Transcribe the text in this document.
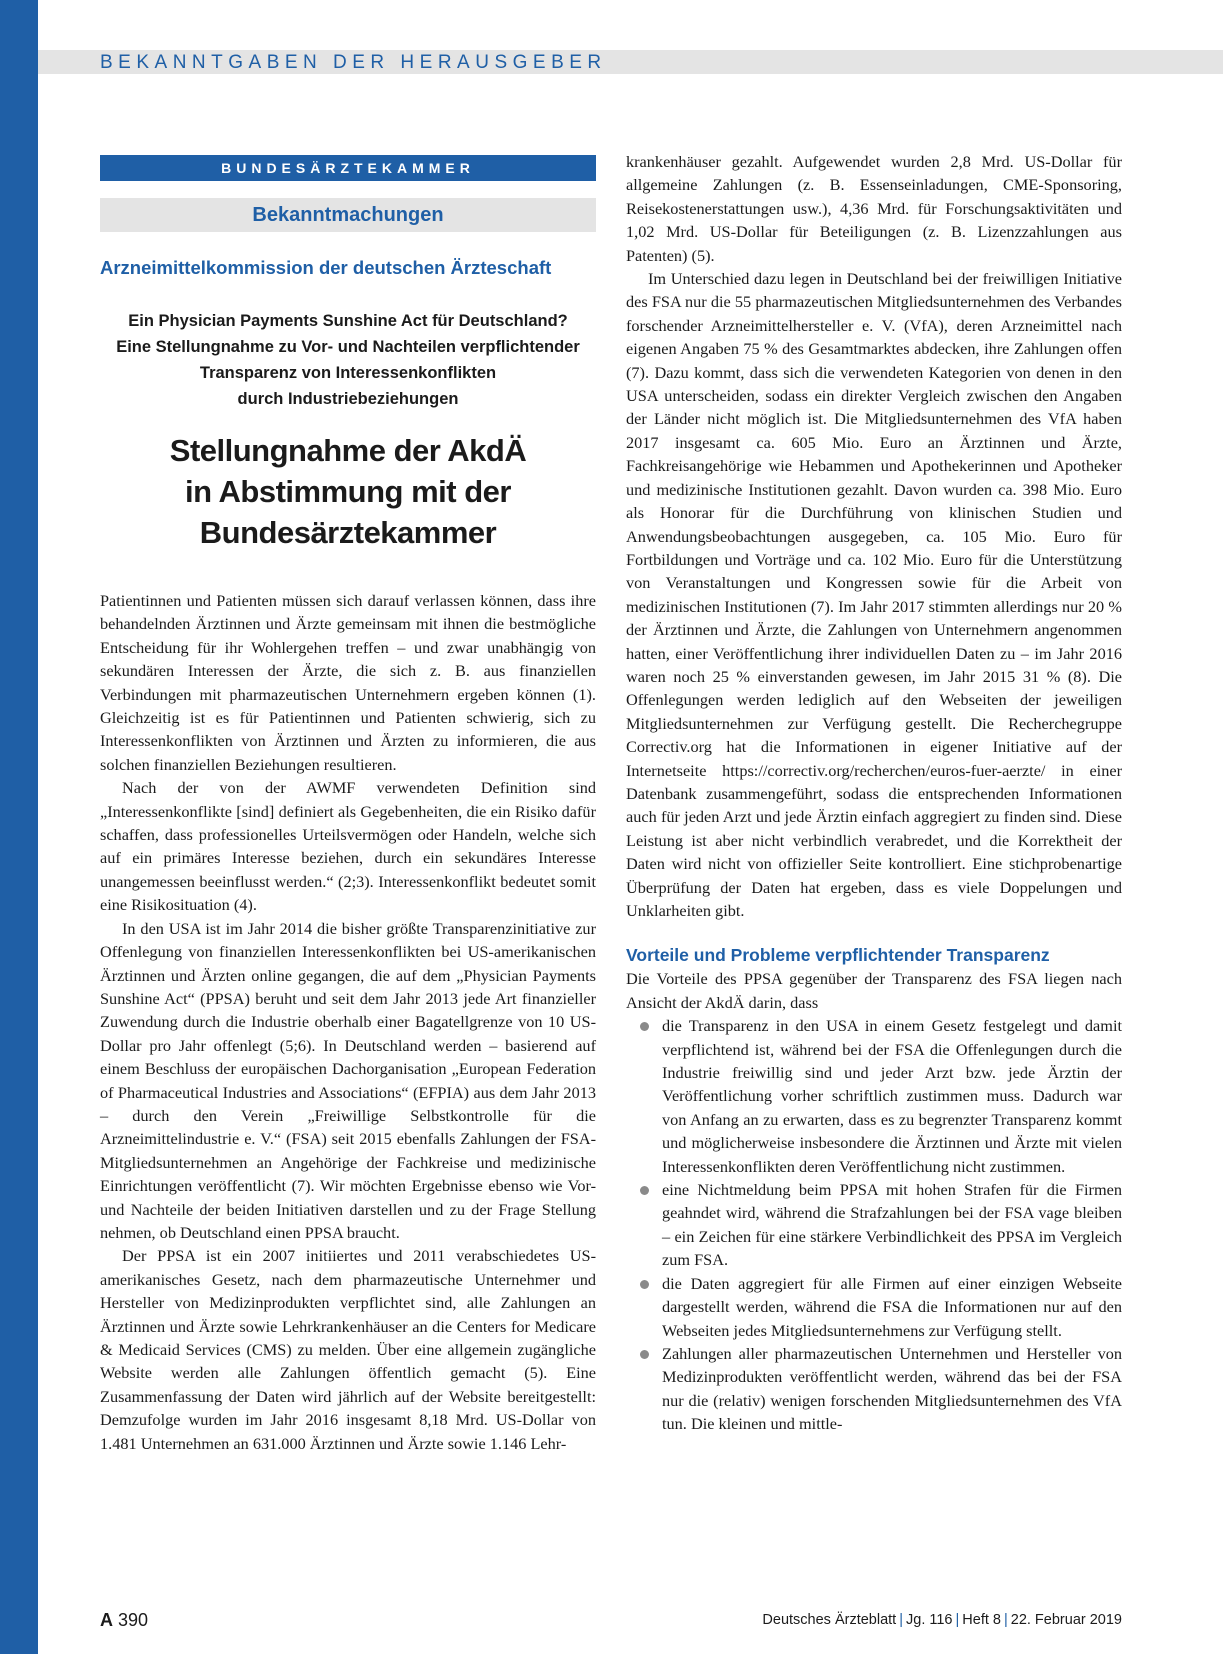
BEKANNTGABEN DER HERAUSGEBER
BUNDESÄRZTEKAMMER
Bekanntmachungen
Arzneimittelkommission der deutschen Ärzteschaft
Ein Physician Payments Sunshine Act für Deutschland?
Eine Stellungnahme zu Vor- und Nachteilen verpflichtender
Transparenz von Interessenkonflikten
durch Industriebeziehungen
Stellungnahme der AkdÄ
in Abstimmung mit der
Bundesärztekammer

Patientinnen und Patienten müssen sich darauf verlassen können, dass ihre behandelnden Ärztinnen und Ärzte gemeinsam mit ihnen die bestmögliche Entscheidung für ihr Wohlergehen treffen – und zwar unabhängig von sekundären Interessen der Ärzte, die sich z. B. aus finanziellen Verbindungen mit pharmazeutischen Unternehmern ergeben können (1). Gleichzeitig ist es für Patientinnen und Patienten schwierig, sich zu Interessenkonflikten von Ärztinnen und Ärzten zu informieren, die aus solchen finanziellen Beziehungen resultieren.

Nach der von der AWMF verwendeten Definition sind „Interessenkonflikte [sind] definiert als Gegebenheiten, die ein Risiko dafür schaffen, dass professionelles Urteilsvermögen oder Handeln, welche sich auf ein primäres Interesse beziehen, durch ein sekundäres Interesse unangemessen beeinflusst werden.“ (2;3). Interessenkonflikt bedeutet somit eine Risikosituation (4).

In den USA ist im Jahr 2014 die bisher größte Transparenzinitiative zur Offenlegung von finanziellen Interessenkonflikten bei US-amerikanischen Ärztinnen und Ärzten online gegangen, die auf dem „Physician Payments Sunshine Act“ (PPSA) beruht und seit dem Jahr 2013 jede Art finanzieller Zuwendung durch die Industrie oberhalb einer Bagatellgrenze von 10 US-Dollar pro Jahr offenlegt (5;6). In Deutschland werden – basierend auf einem Beschluss der europäischen Dachorganisation „European Federation of Pharmaceutical Industries and Associations“ (EFPIA) aus dem Jahr 2013 – durch den Verein „Freiwillige Selbstkontrolle für die Arzneimittelindustrie e. V.“ (FSA) seit 2015 ebenfalls Zahlungen der FSA-Mitgliedsunternehmen an Angehörige der Fachkreise und medizinische Einrichtungen veröffentlicht (7). Wir möchten Ergebnisse ebenso wie Vor- und Nachteile der beiden Initiativen darstellen und zu der Frage Stellung nehmen, ob Deutschland einen PPSA braucht.

Der PPSA ist ein 2007 initiiertes und 2011 verabschiedetes US-amerikanisches Gesetz, nach dem pharmazeutische Unternehmer und Hersteller von Medizinprodukten verpflichtet sind, alle Zahlungen an Ärztinnen und Ärzte sowie Lehrkrankenhäuser an die Centers for Medicare & Medicaid Services (CMS) zu melden. Über eine allgemein zugängliche Website werden alle Zahlungen öffentlich gemacht (5). Eine Zusammenfassung der Daten wird jährlich auf der Website bereitgestellt: Demzufolge wurden im Jahr 2016 insgesamt 8,18 Mrd. US-Dollar von 1.481 Unternehmen an 631.000 Ärztinnen und Ärzte sowie 1.146 Lehr-

krankenhäuser gezahlt. Aufgewendet wurden 2,8 Mrd. US-Dollar für allgemeine Zahlungen (z. B. Essenseinladungen, CME-Sponsoring, Reisekostenerstattungen usw.), 4,36 Mrd. für Forschungsaktivitäten und 1,02 Mrd. US-Dollar für Beteiligungen (z. B. Lizenzzahlungen aus Patenten) (5).

Im Unterschied dazu legen in Deutschland bei der freiwilligen Initiative des FSA nur die 55 pharmazeutischen Mitgliedsunternehmen des Verbandes forschender Arzneimittelhersteller e. V. (VfA), deren Arzneimittel nach eigenen Angaben 75 % des Gesamtmarktes abdecken, ihre Zahlungen offen (7). Dazu kommt, dass sich die verwendeten Kategorien von denen in den USA unterscheiden, sodass ein direkter Vergleich zwischen den Angaben der Länder nicht möglich ist. Die Mitgliedsunternehmen des VfA haben 2017 insgesamt ca. 605 Mio. Euro an Ärztinnen und Ärzte, Fachkreisangehörige wie Hebammen und Apothekerinnen und Apotheker und medizinische Institutionen gezahlt. Davon wurden ca. 398 Mio. Euro als Honorar für die Durchführung von klinischen Studien und Anwendungsbeobachtungen ausgegeben, ca. 105 Mio. Euro für Fortbildungen und Vorträge und ca. 102 Mio. Euro für die Unterstützung von Veranstaltungen und Kongressen sowie für die Arbeit von medizinischen Institutionen (7). Im Jahr 2017 stimmten allerdings nur 20 % der Ärztinnen und Ärzte, die Zahlungen von Unternehmern angenommen hatten, einer Veröffentlichung ihrer individuellen Daten zu – im Jahr 2016 waren noch 25 % einverstanden gewesen, im Jahr 2015 31 % (8). Die Offenlegungen werden lediglich auf den Webseiten der jeweiligen Mitgliedsunternehmen zur Verfügung gestellt. Die Recherchegruppe Correctiv.org hat die Informationen in eigener Initiative auf der Internetseite https://correctiv.org/recherchen/euros-fuer-aerzte/ in einer Datenbank zusammengeführt, sodass die entsprechenden Informationen auch für jeden Arzt und jede Ärztin einfach aggregiert zu finden sind. Diese Leistung ist aber nicht verbindlich verabredet, und die Korrektheit der Daten wird nicht von offizieller Seite kontrolliert. Eine stichprobenartige Überprüfung der Daten hat ergeben, dass es viele Doppelungen und Unklarheiten gibt.

Vorteile und Probleme verpflichtender Transparenz

Die Vorteile des PPSA gegenüber der Transparenz des FSA liegen nach Ansicht der AkdÄ darin, dass

die Transparenz in den USA in einem Gesetz festgelegt und damit verpflichtend ist, während bei der FSA die Offenlegungen durch die Industrie freiwillig sind und jeder Arzt bzw. jede Ärztin der Veröffentlichung vorher schriftlich zustimmen muss. Dadurch war von Anfang an zu erwarten, dass es zu begrenzter Transparenz kommt und möglicherweise insbesondere die Ärztinnen und Ärzte mit vielen Interessenkonflikten deren Veröffentlichung nicht zustimmen.
eine Nichtmeldung beim PPSA mit hohen Strafen für die Firmen geahndet wird, während die Strafzahlungen bei der FSA vage bleiben – ein Zeichen für eine stärkere Verbindlichkeit des PPSA im Vergleich zum FSA.
die Daten aggregiert für alle Firmen auf einer einzigen Webseite dargestellt werden, während die FSA die Informationen nur auf den Webseiten jedes Mitgliedsunternehmens zur Verfügung stellt.
Zahlungen aller pharmazeutischen Unternehmen und Hersteller von Medizinprodukten veröffentlicht werden, während das bei der FSA nur die (relativ) wenigen forschenden Mitgliedsunternehmen des VfA tun. Die kleinen und mittle-
A 390	Deutsches Ärzteblatt | Jg. 116 | Heft 8 | 22. Februar 2019
